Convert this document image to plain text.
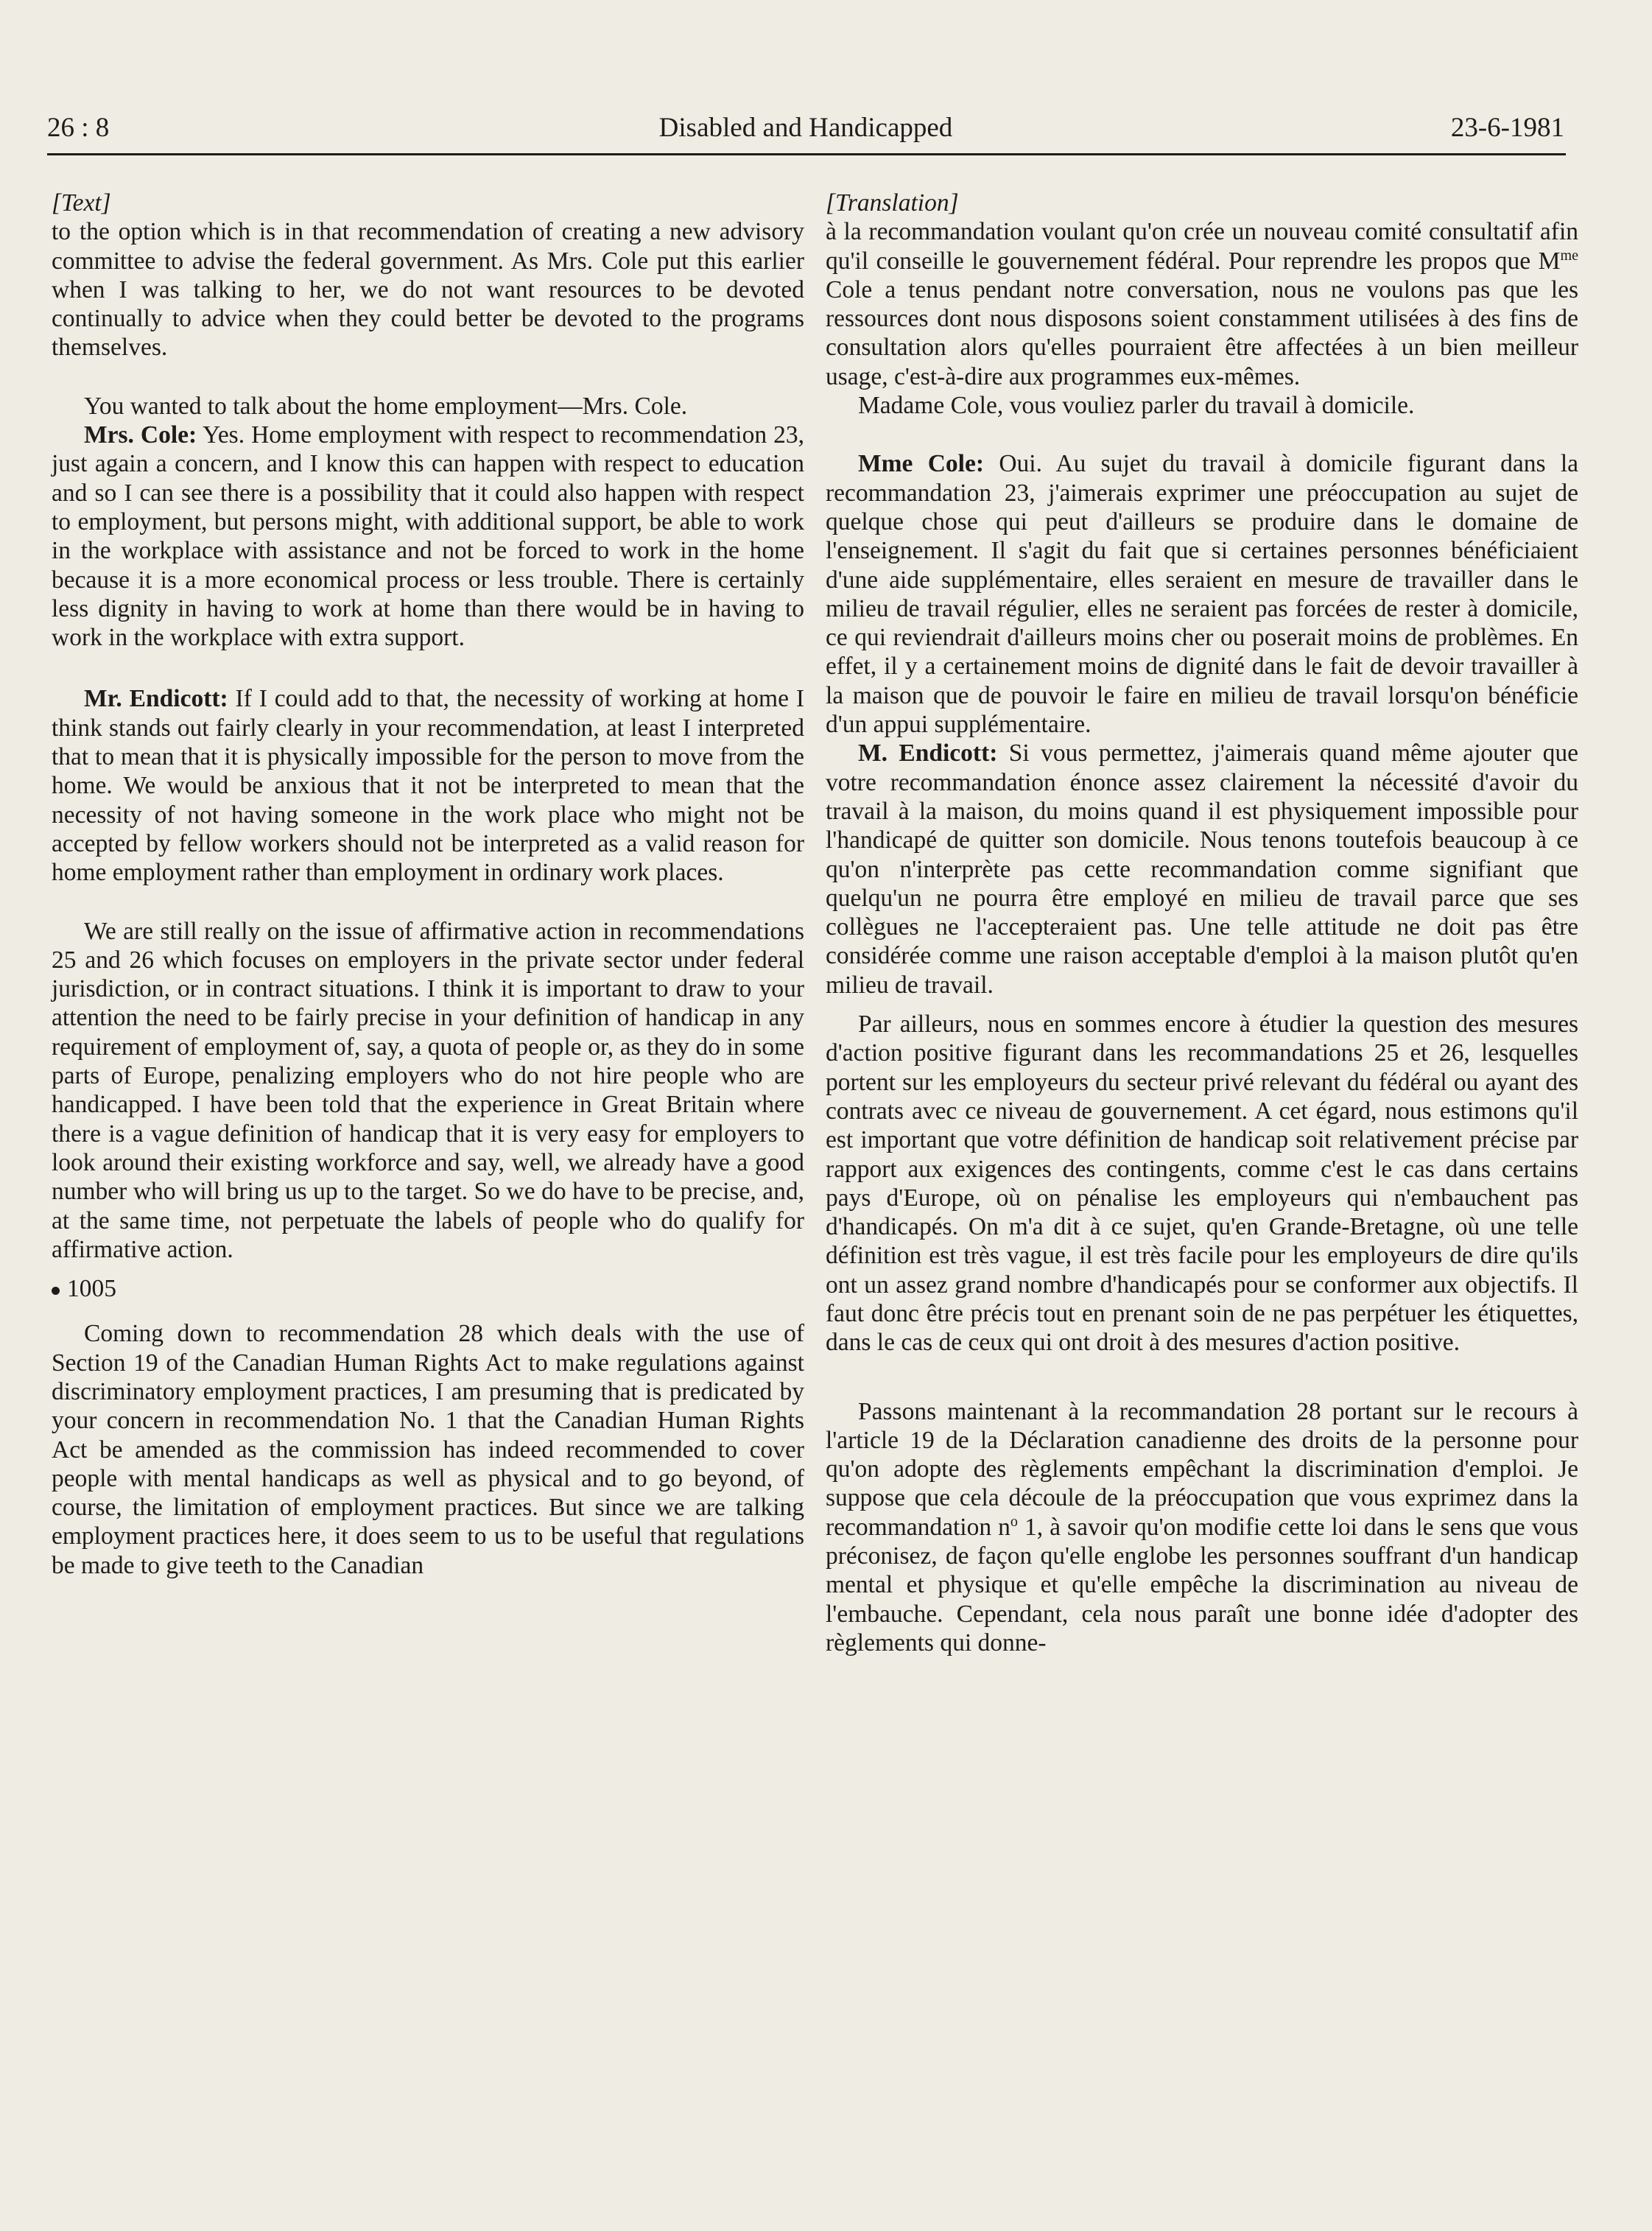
26 : 8	Disabled and Handicapped	23-6-1981
[Text]

to the option which is in that recommendation of creating a new advisory committee to advise the federal government. As Mrs. Cole put this earlier when I was talking to her, we do not want resources to be devoted continually to advice when they could better be devoted to the programs themselves.

You wanted to talk about the home employment—Mrs. Cole.

Mrs. Cole: Yes. Home employment with respect to recommendation 23, just again a concern, and I know this can happen with respect to education and so I can see there is a possibility that it could also happen with respect to employment, but persons might, with additional support, be able to work in the workplace with assistance and not be forced to work in the home because it is a more economical process or less trouble. There is certainly less dignity in having to work at home than there would be in having to work in the workplace with extra support.

Mr. Endicott: If I could add to that, the necessity of working at home I think stands out fairly clearly in your recommendation, at least I interpreted that to mean that it is physically impossible for the person to move from the home. We would be anxious that it not be interpreted to mean that the necessity of not having someone in the work place who might not be accepted by fellow workers should not be interpreted as a valid reason for home employment rather than employment in ordinary work places.

We are still really on the issue of affirmative action in recommendations 25 and 26 which focuses on employers in the private sector under federal jurisdiction, or in contract situations. I think it is important to draw to your attention the need to be fairly precise in your definition of handicap in any requirement of employment of, say, a quota of people or, as they do in some parts of Europe, penalizing employers who do not hire people who are handicapped. I have been told that the experience in Great Britain where there is a vague definition of handicap that it is very easy for employers to look around their existing workforce and say, well, we already have a good number who will bring us up to the target. So we do have to be precise, and, at the same time, not perpetuate the labels of people who do qualify for affirmative action.

1005

Coming down to recommendation 28 which deals with the use of Section 19 of the Canadian Human Rights Act to make regulations against discriminatory employment practices, I am presuming that is predicated by your concern in recommendation No. 1 that the Canadian Human Rights Act be amended as the commission has indeed recommended to cover people with mental handicaps as well as physical and to go beyond, of course, the limitation of employment practices. But since we are talking employment practices here, it does seem to us to be useful that regulations be made to give teeth to the Canadian

[Translation]

à la recommandation voulant qu'on crée un nouveau comité consultatif afin qu'il conseille le gouvernement fédéral. Pour reprendre les propos que $M^{me}$ Cole a tenus pendant notre conversation, nous ne voulons pas que les ressources dont nous disposons soient constamment utilisées à des fins de consultation alors qu'elles pourraient être affectées à un bien meilleur usage, c'est-à-dire aux programmes eux-mêmes.

Madame Cole, vous vouliez parler du travail à domicile.

Mme Cole: Oui. Au sujet du travail à domicile figurant dans la recommandation 23, j'aimerais exprimer une préoccupation au sujet de quelque chose qui peut d'ailleurs se produire dans le domaine de l'enseignement. Il s'agit du fait que si certaines personnes bénéficiaient d'une aide supplémentaire, elles seraient en mesure de travailler dans le milieu de travail régulier, elles ne seraient pas forcées de rester à domicile, ce qui reviendrait d'ailleurs moins cher ou poserait moins de problèmes. En effet, il y a certainement moins de dignité dans le fait de devoir travailler à la maison que de pouvoir le faire en milieu de travail lorsqu'on bénéficie d'un appui supplémentaire.

M. Endicott: Si vous permettez, j'aimerais quand même ajouter que votre recommandation énonce assez clairement la nécessité d'avoir du travail à la maison, du moins quand il est physiquement impossible pour l'handicapé de quitter son domicile. Nous tenons toutefois beaucoup à ce qu'on n'interprète pas cette recommandation comme signifiant que quelqu'un ne pourra être employé en milieu de travail parce que ses collègues ne l'accepteraient pas. Une telle attitude ne doit pas être considérée comme une raison acceptable d'emploi à la maison plutôt qu'en milieu de travail.

Par ailleurs, nous en sommes encore à étudier la question des mesures d'action positive figurant dans les recommandations 25 et 26, lesquelles portent sur les employeurs du secteur privé relevant du fédéral ou ayant des contrats avec ce niveau de gouvernement. A cet égard, nous estimons qu'il est important que votre définition de handicap soit relativement précise par rapport aux exigences des contingents, comme c'est le cas dans certains pays d'Europe, où on pénalise les employeurs qui n'embauchent pas d'handicapés. On m'a dit à ce sujet, qu'en Grande-Bretagne, où une telle définition est très vague, il est très facile pour les employeurs de dire qu'ils ont un assez grand nombre d'handicapés pour se conformer aux objectifs. Il faut donc être précis tout en prenant soin de ne pas perpétuer les étiquettes, dans le cas de ceux qui ont droit à des mesures d'action positive.

Passons maintenant à la recommandation 28 portant sur le recours à l'article 19 de la Déclaration canadienne des droits de la personne pour qu'on adopte des règlements empêchant la discrimination d'emploi. Je suppose que cela découle de la préoccupation que vous exprimez dans la recommandation $n^o$ 1, à savoir qu'on modifie cette loi dans le sens que vous préconisez, de façon qu'elle englobe les personnes souffrant d'un handicap mental et physique et qu'elle empêche la discrimination au niveau de l'embauche. Cependant, cela nous paraît une bonne idée d'adopter des règlements qui donne-
